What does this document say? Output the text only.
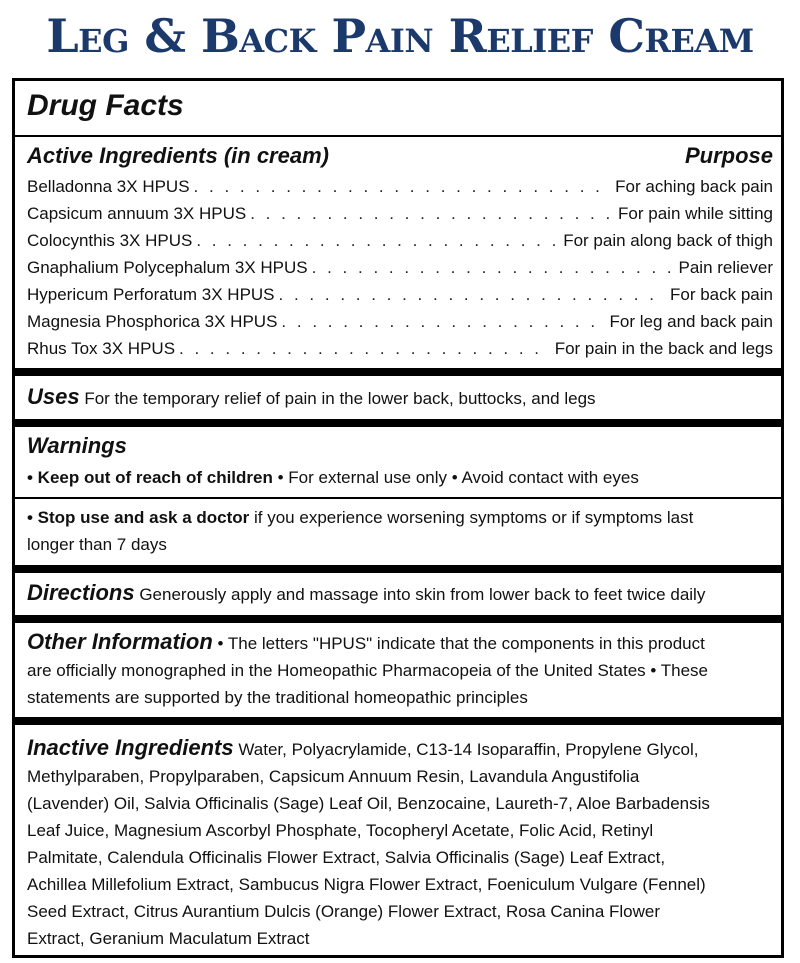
Leg & Back Pain Relief Cream
Drug Facts
Active Ingredients (in cream)	Purpose
Belladonna 3X HPUS . . .	For aching back pain
Capsicum annuum 3X HPUS . . .	For pain while sitting
Colocynthis 3X HPUS . . .	For pain along back of thigh
Gnaphalium Polycephalum 3X HPUS . . .	Pain reliever
Hypericum Perforatum 3X HPUS . . .	For back pain
Magnesia Phosphorica 3X HPUS . . .	For leg and back pain
Rhus Tox 3X HPUS . . .	For pain in the back and legs
Uses For the temporary relief of pain in the lower back, buttocks, and legs
Warnings
• Keep out of reach of children • For external use only • Avoid contact with eyes
• Stop use and ask a doctor if you experience worsening symptoms or if symptoms last
longer than 7 days
Directions Generously apply and massage into skin from lower back to feet twice daily
Other Information • The letters "HPUS" indicate that the components in this product
are officially monographed in the Homeopathic Pharmacopeia of the United States • These
statements are supported by the traditional homeopathic principles
Inactive Ingredients Water, Polyacrylamide, C13-14 Isoparaffin, Propylene Glycol,
Methylparaben, Propylparaben, Capsicum Annuum Resin, Lavandula Angustifolia
(Lavender) Oil, Salvia Officinalis (Sage) Leaf Oil, Benzocaine, Laureth-7, Aloe Barbadensis
Leaf Juice, Magnesium Ascorbyl Phosphate, Tocopheryl Acetate, Folic Acid, Retinyl
Palmitate, Calendula Officinalis Flower Extract, Salvia Officinalis (Sage) Leaf Extract,
Achillea Millefolium Extract, Sambucus Nigra Flower Extract, Foeniculum Vulgare (Fennel)
Seed Extract, Citrus Aurantium Dulcis (Orange) Flower Extract, Rosa Canina Flower
Extract, Geranium Maculatum Extract
